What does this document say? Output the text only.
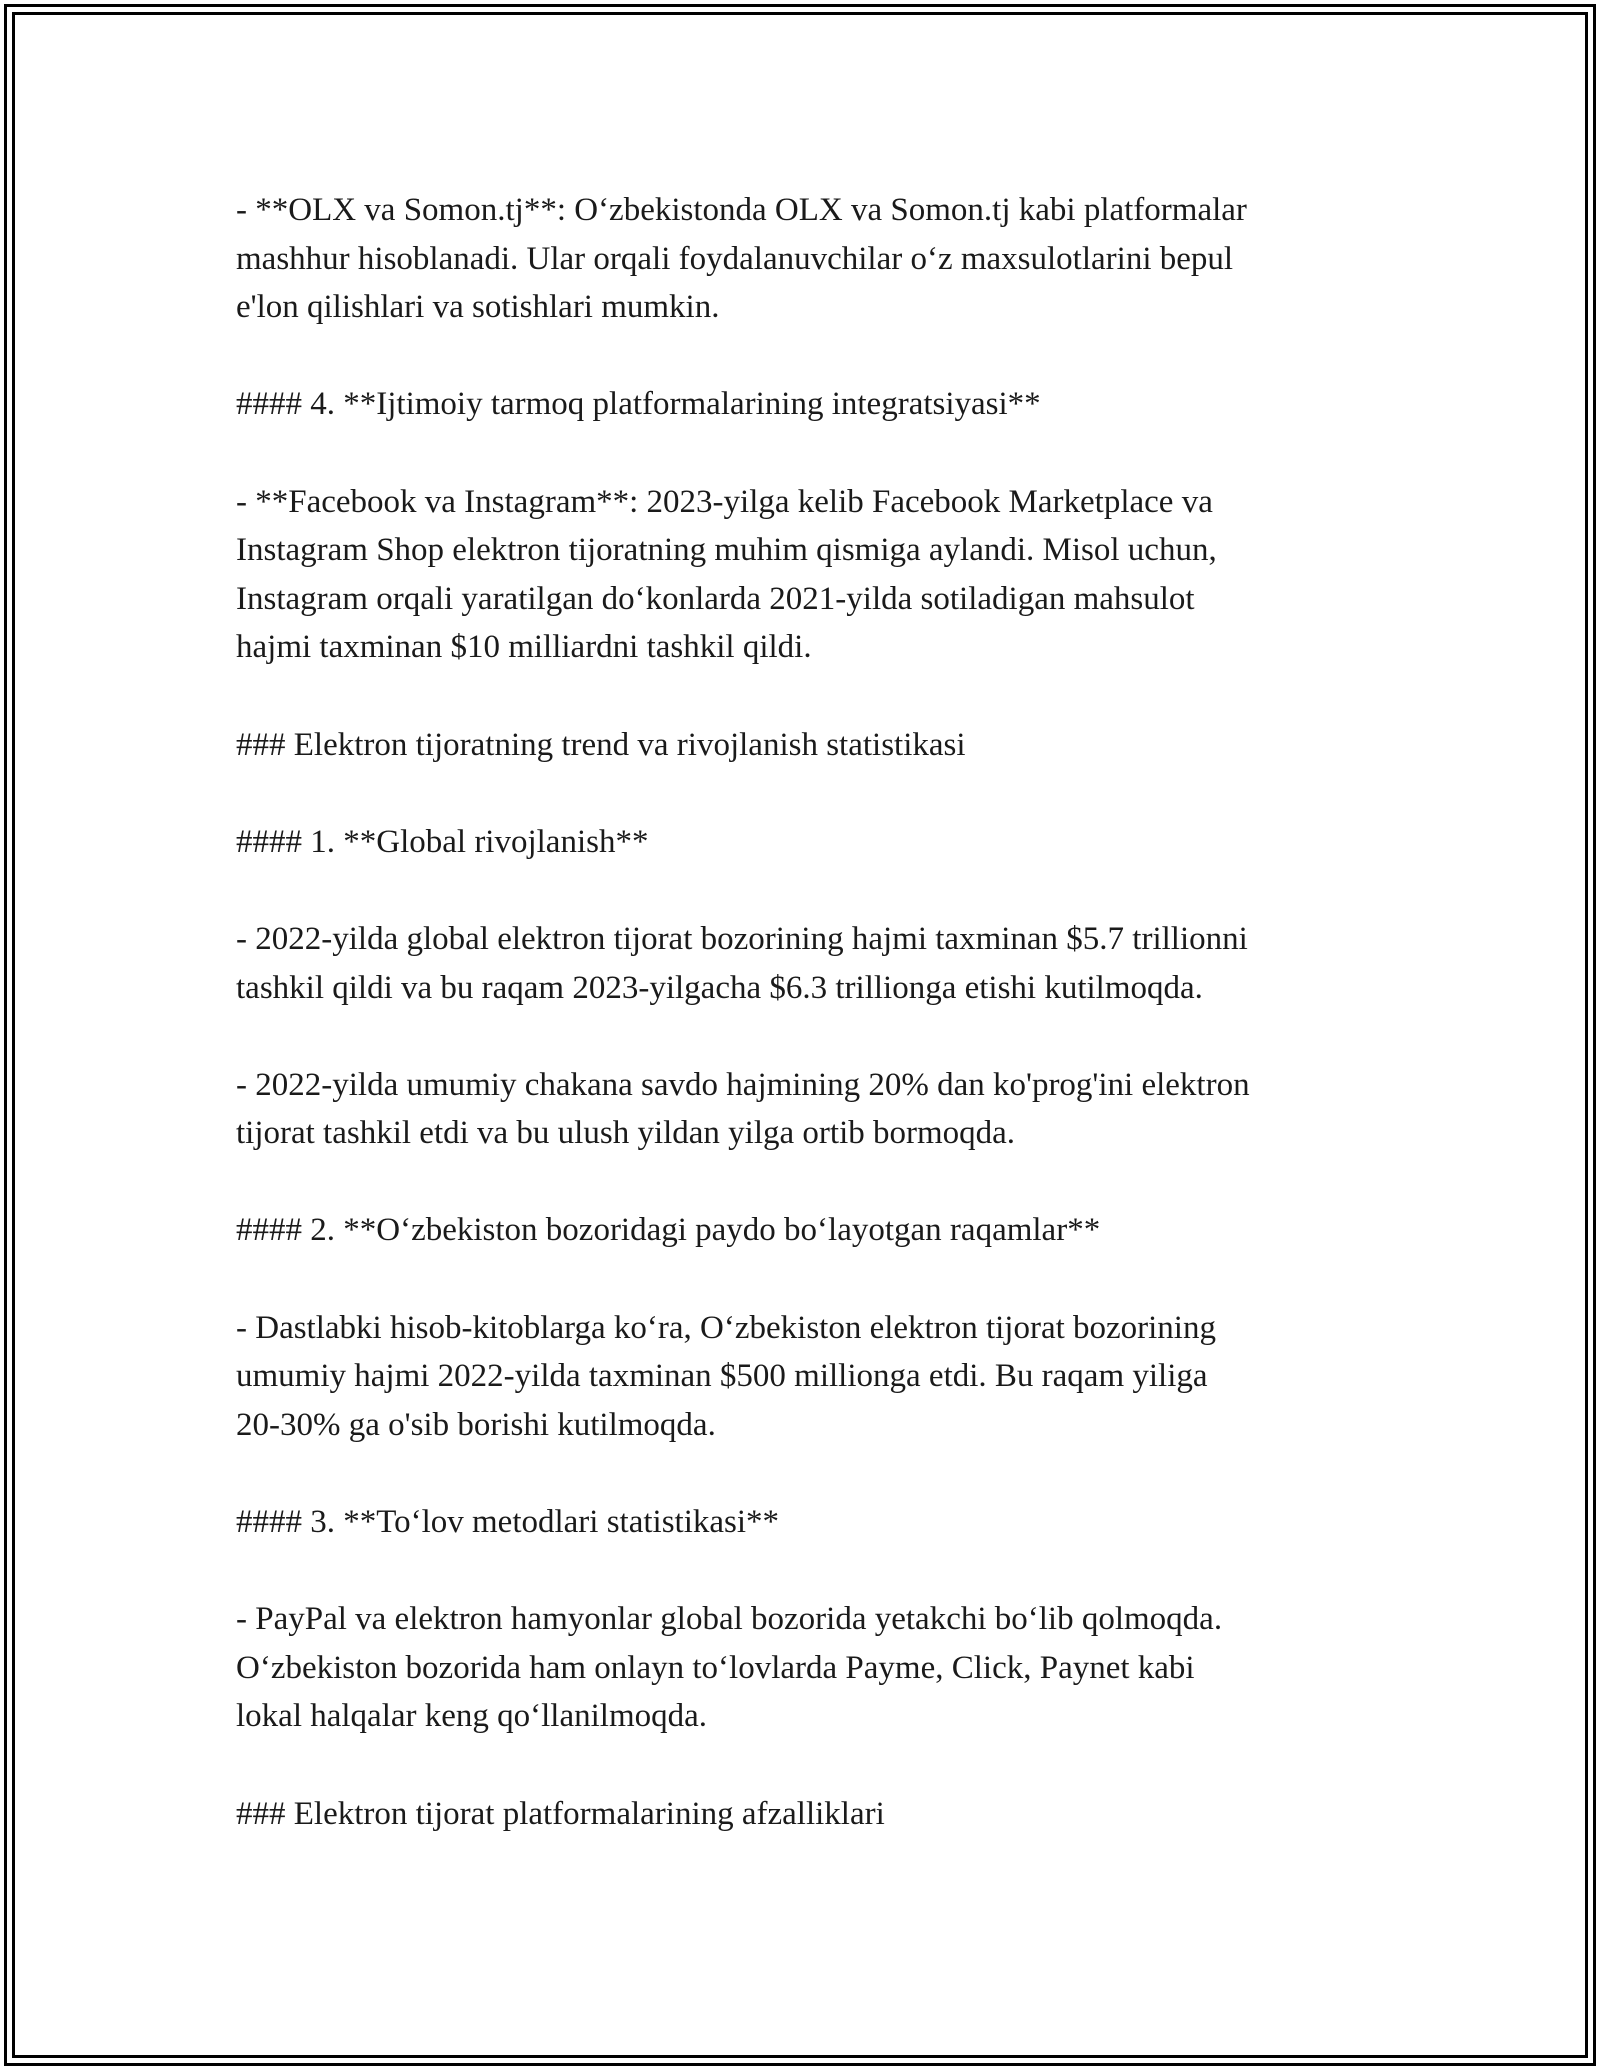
- **OLX va Somon.tj**: O‘zbekistonda OLX va Somon.tj kabi platformalar
mashhur hisoblanadi. Ular orqali foydalanuvchilar o‘z maxsulotlarini bepul
e'lon qilishlari va sotishlari mumkin.

#### 4. **Ijtimoiy tarmoq platformalarining integratsiyasi**

- **Facebook va Instagram**: 2023-yilga kelib Facebook Marketplace va
Instagram Shop elektron tijoratning muhim qismiga aylandi. Misol uchun,
Instagram orqali yaratilgan do‘konlarda 2021-yilda sotiladigan mahsulot
hajmi taxminan $10 milliardni tashkil qildi.

### Elektron tijoratning trend va rivojlanish statistikasi

#### 1. **Global rivojlanish**

- 2022-yilda global elektron tijorat bozorining hajmi taxminan $5.7 trillionni
tashkil qildi va bu raqam 2023-yilgacha $6.3 trillionga etishi kutilmoqda.

- 2022-yilda umumiy chakana savdo hajmining 20% dan ko'prog'ini elektron
tijorat tashkil etdi va bu ulush yildan yilga ortib bormoqda.

#### 2. **O‘zbekiston bozoridagi paydo bo‘layotgan raqamlar**

- Dastlabki hisob-kitoblarga ko‘ra, O‘zbekiston elektron tijorat bozorining
umumiy hajmi 2022-yilda taxminan $500 millionga etdi. Bu raqam yiliga
20-30% ga o'sib borishi kutilmoqda.

#### 3. **To‘lov metodlari statistikasi**

- PayPal va elektron hamyonlar global bozorida yetakchi bo‘lib qolmoqda.
O‘zbekiston bozorida ham onlayn to‘lovlarda Payme, Click, Paynet kabi
lokal halqalar keng qo‘llanilmoqda.

### Elektron tijorat platformalarining afzalliklari
